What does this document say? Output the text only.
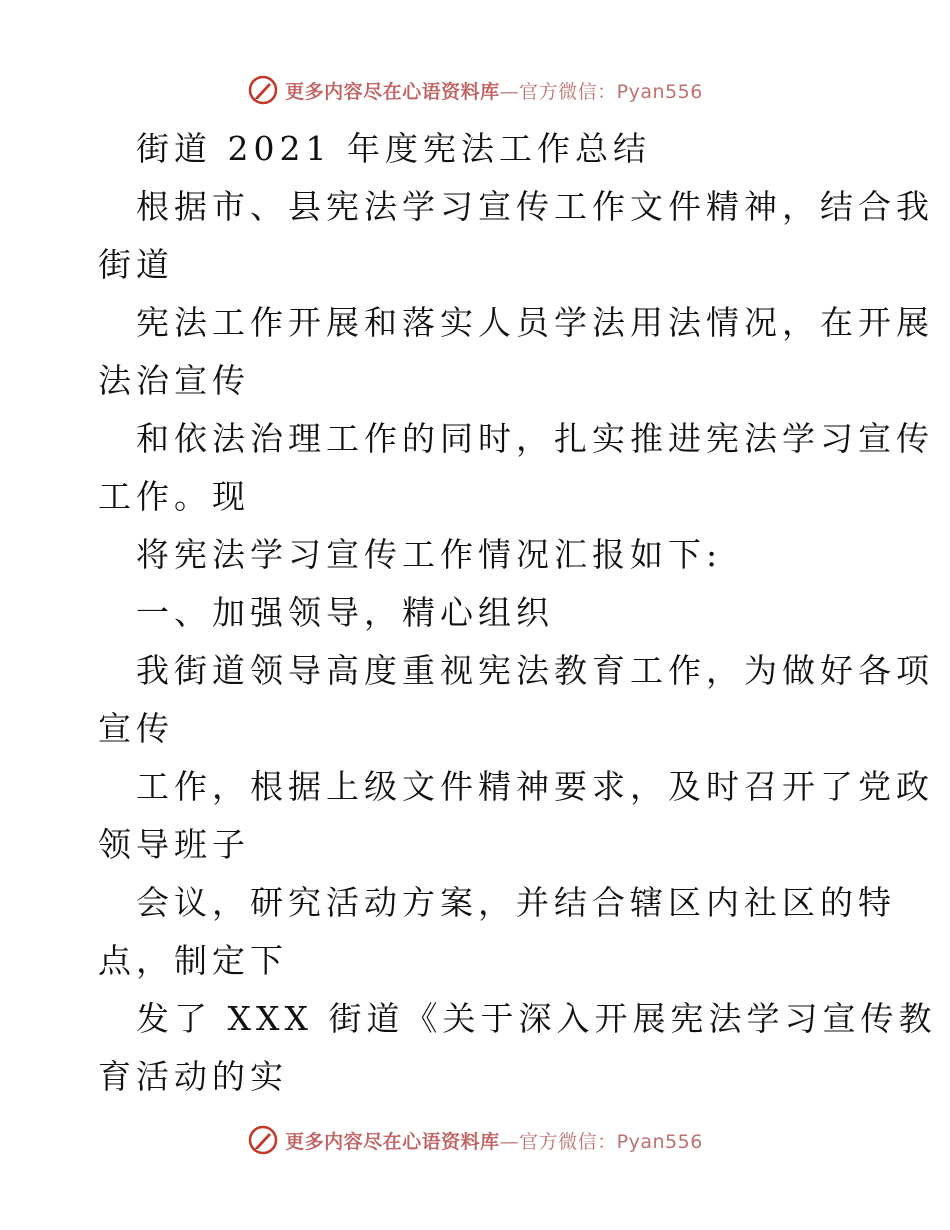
更多内容尽在心语资料库—官方微信：Pyan556
街道 2021 年度宪法工作总结
根据市、县宪法学习宣传工作文件精神，结合我
街道
宪法工作开展和落实人员学法用法情况，在开展
法治宣传
和依法治理工作的同时，扎实推进宪法学习宣传
工作。现
将宪法学习宣传工作情况汇报如下:
一、加强领导，精心组织
我街道领导高度重视宪法教育工作，为做好各项
宣传
工作，根据上级文件精神要求，及时召开了党政
领导班子
会议，研究活动方案，并结合辖区内社区的特
点，制定下
发了 XXX 街道《关于深入开展宪法学习宣传教
育活动的实
更多内容尽在心语资料库—官方微信：Pyan556
